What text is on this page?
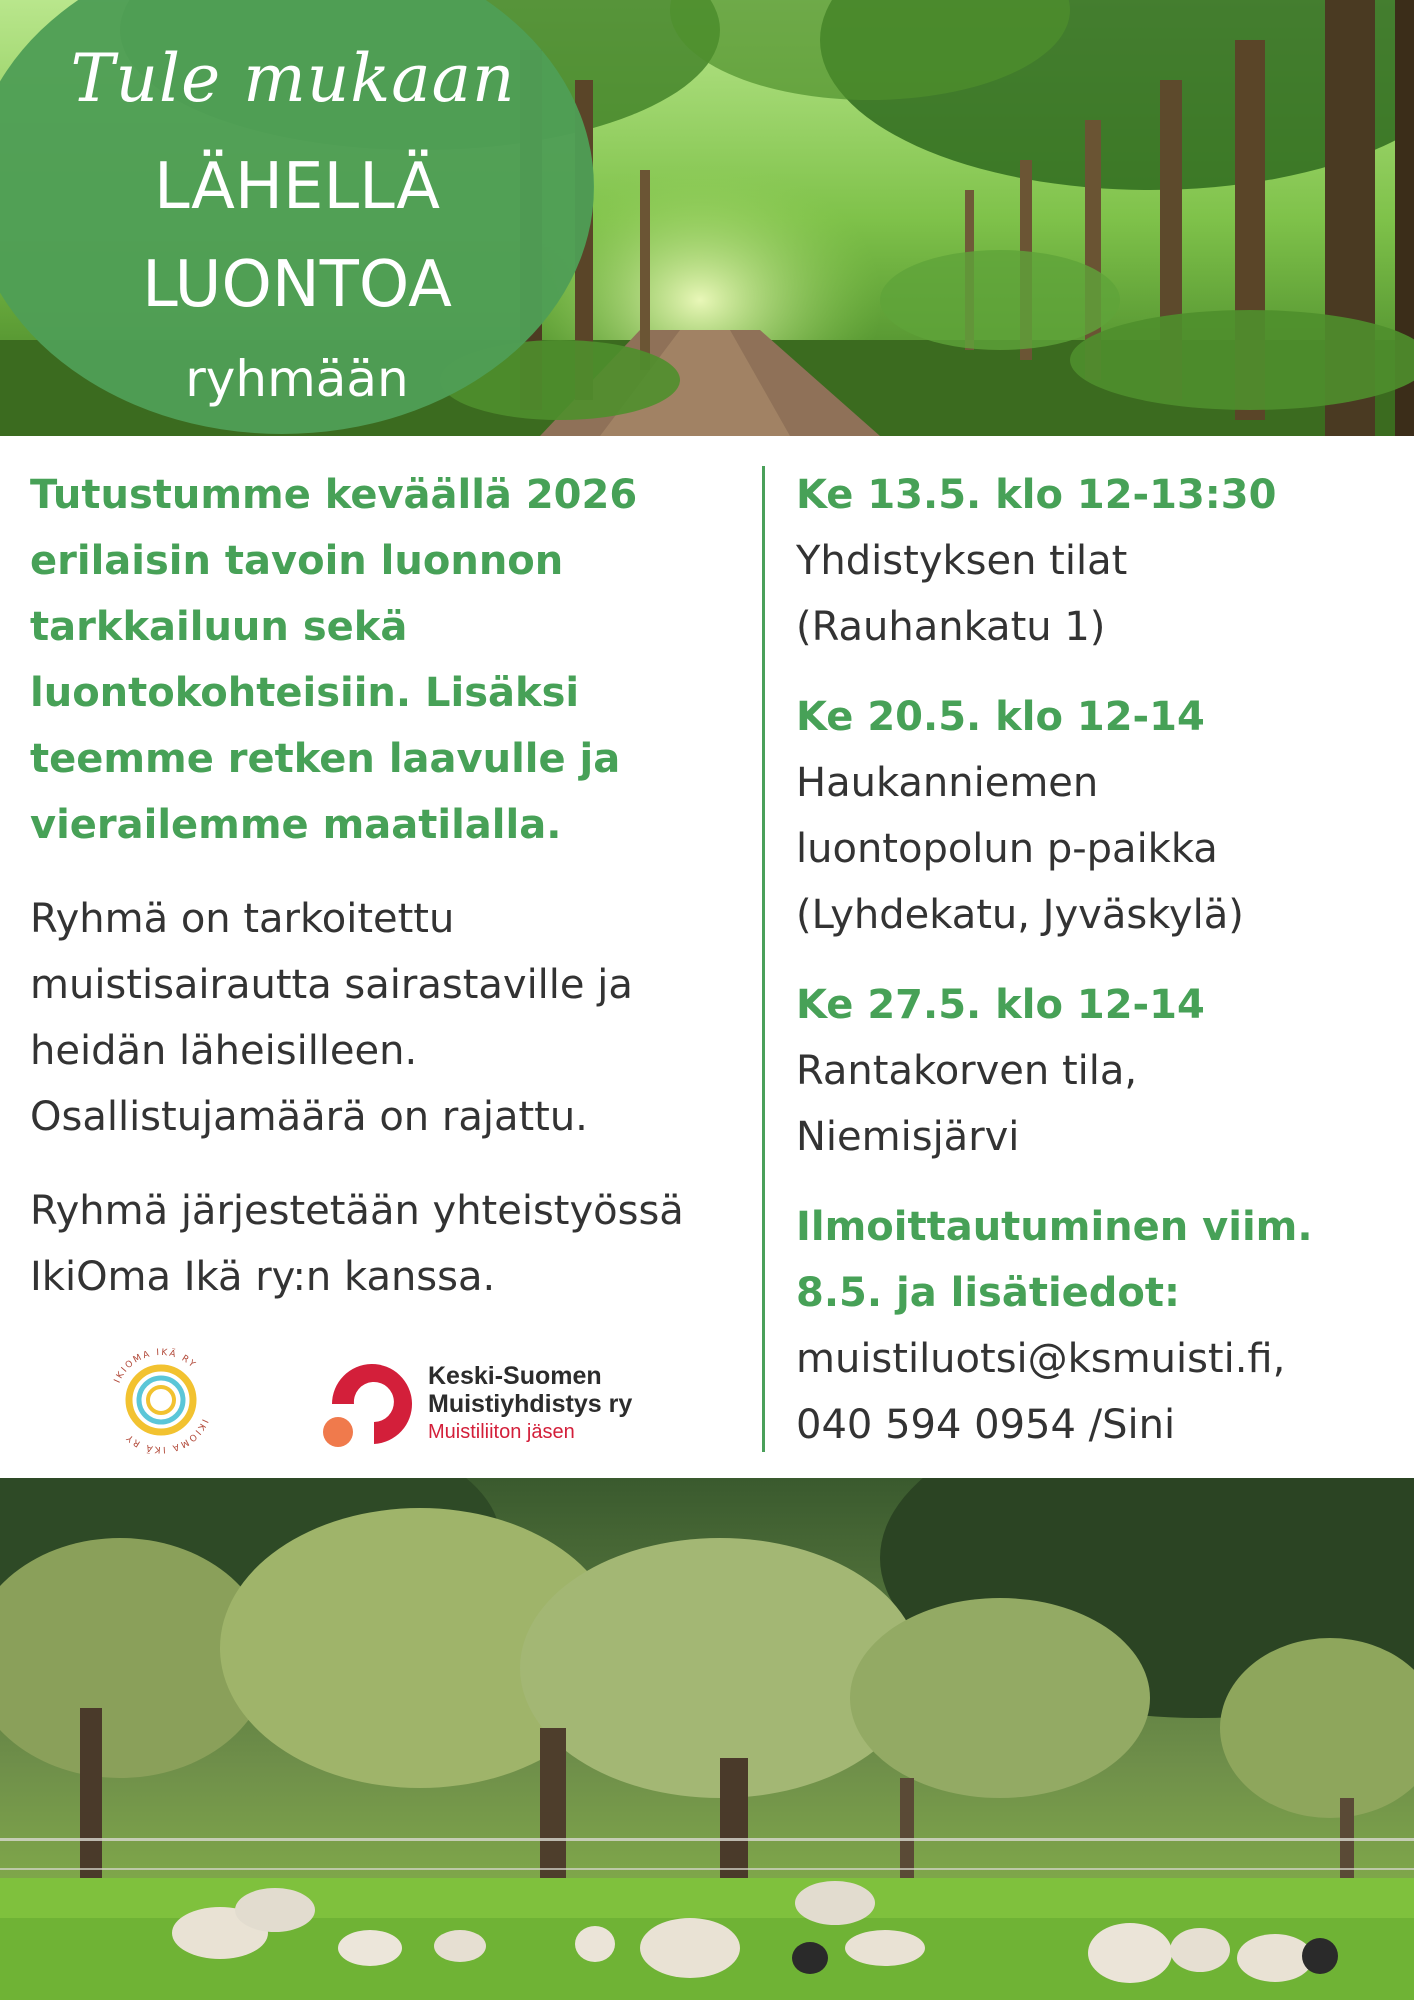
Tule mukaan
LÄHELLÄ
LUONTOA
ryhmään

Tutustumme keväällä 2026
erilaisin tavoin luonnon
tarkkailuun sekä
luontokohteisiin. Lisäksi
teemme retken laavulle ja
vierailemme maatilalla.

Ryhmä on tarkoitettu
muistisairautta sairastaville ja
heidän läheisilleen.
Osallistujamäärä on rajattu.

Ryhmä järjestetään yhteistyössä
IkiOma Ikä ry:n kanssa.

IKIOMA IKÄ RY
IKIOMA IKÄ RY
Keski-Suomen
Muistiyhdistys ry
Muistiliiton jäsen

Ke 13.5. klo 12-13:30

Yhdistyksen tilat
(Rauhankatu 1)

Ke 20.5. klo 12-14

Haukanniemen
luontopolun p-paikka
(Lyhdekatu, Jyväskylä)

Ke 27.5. klo 12-14

Rantakorven tila,
Niemisjärvi

Ilmoittautuminen viim.
8.5. ja lisätiedot:

muistiluotsi@ksmuisti.fi,

040 594 0954 /Sini
